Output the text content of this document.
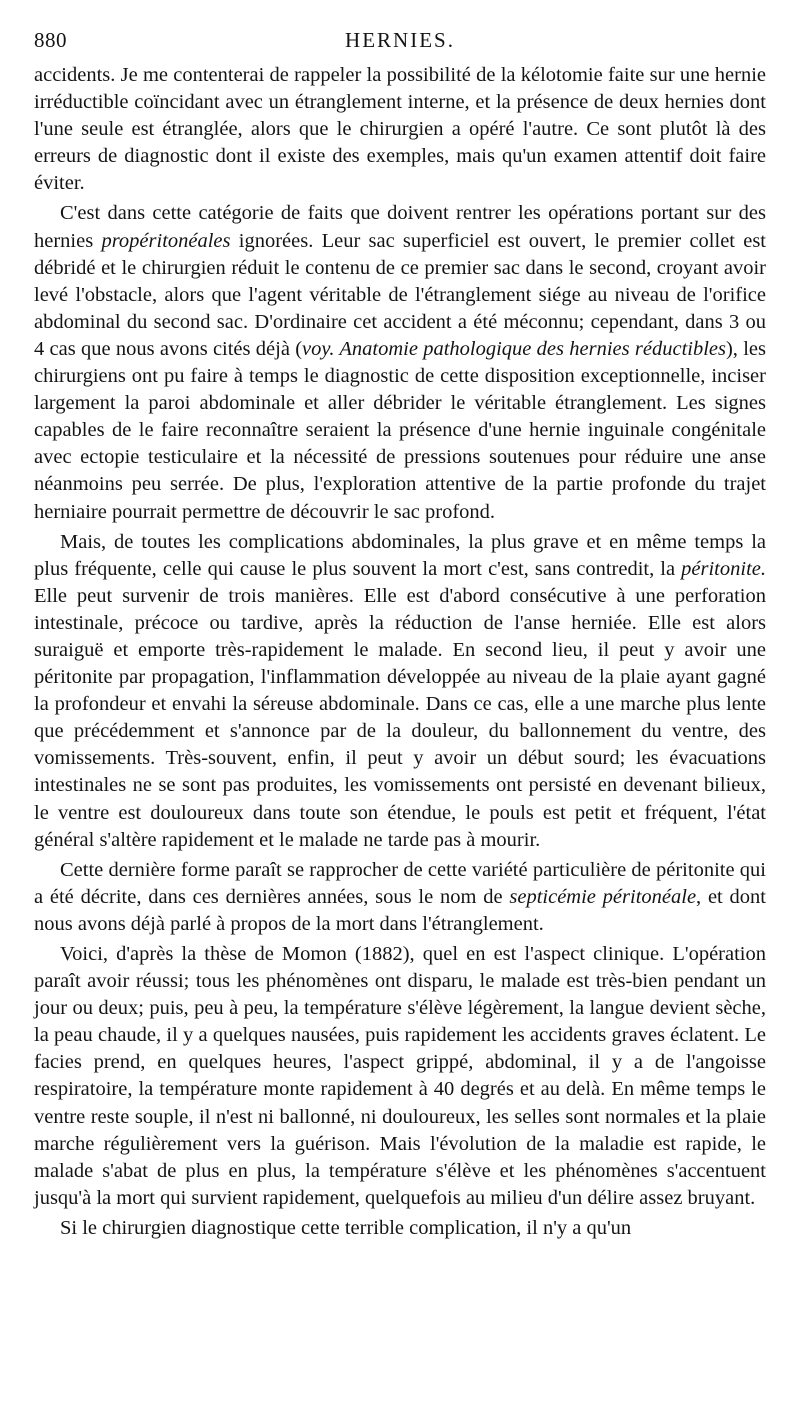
880	HERNIES.

accidents. Je me contenterai de rappeler la possibilité de la kélotomie faite sur une hernie irréductible coïncidant avec un étranglement interne, et la présence de deux hernies dont l'une seule est étranglée, alors que le chirurgien a opéré l'autre. Ce sont plutôt là des erreurs de diagnostic dont il existe des exemples, mais qu'un examen attentif doit faire éviter.

C'est dans cette catégorie de faits que doivent rentrer les opérations portant sur des hernies propéritonéales ignorées. Leur sac superficiel est ouvert, le premier collet est débridé et le chirurgien réduit le contenu de ce premier sac dans le second, croyant avoir levé l'obstacle, alors que l'agent véritable de l'étranglement siége au niveau de l'orifice abdominal du second sac. D'ordinaire cet accident a été méconnu; cependant, dans 3 ou 4 cas que nous avons cités déjà (voy. Anatomie pathologique des hernies réductibles), les chirurgiens ont pu faire à temps le diagnostic de cette disposition exceptionnelle, inciser largement la paroi abdominale et aller débrider le véritable étranglement. Les signes capables de le faire reconnaître seraient la présence d'une hernie inguinale congénitale avec ectopie testiculaire et la nécessité de pressions soutenues pour réduire une anse néanmoins peu serrée. De plus, l'exploration attentive de la partie profonde du trajet herniaire pourrait permettre de découvrir le sac profond.

Mais, de toutes les complications abdominales, la plus grave et en même temps la plus fréquente, celle qui cause le plus souvent la mort c'est, sans contredit, la péritonite. Elle peut survenir de trois manières. Elle est d'abord consécutive à une perforation intestinale, précoce ou tardive, après la réduction de l'anse herniée. Elle est alors suraiguë et emporte très-rapidement le malade. En second lieu, il peut y avoir une péritonite par propagation, l'inflammation développée au niveau de la plaie ayant gagné la profondeur et envahi la séreuse abdominale. Dans ce cas, elle a une marche plus lente que précédemment et s'annonce par de la douleur, du ballonnement du ventre, des vomissements. Très-souvent, enfin, il peut y avoir un début sourd; les évacuations intestinales ne se sont pas produites, les vomissements ont persisté en devenant bilieux, le ventre est douloureux dans toute son étendue, le pouls est petit et fréquent, l'état général s'altère rapidement et le malade ne tarde pas à mourir.

Cette dernière forme paraît se rapprocher de cette variété particulière de péritonite qui a été décrite, dans ces dernières années, sous le nom de septicémie péritonéale, et dont nous avons déjà parlé à propos de la mort dans l'étranglement.

Voici, d'après la thèse de Momon (1882), quel en est l'aspect clinique. L'opération paraît avoir réussi; tous les phénomènes ont disparu, le malade est très-bien pendant un jour ou deux; puis, peu à peu, la température s'élève légèrement, la langue devient sèche, la peau chaude, il y a quelques nausées, puis rapidement les accidents graves éclatent. Le facies prend, en quelques heures, l'aspect grippé, abdominal, il y a de l'angoisse respiratoire, la température monte rapidement à 40 degrés et au delà. En même temps le ventre reste souple, il n'est ni ballonné, ni douloureux, les selles sont normales et la plaie marche régulièrement vers la guérison. Mais l'évolution de la maladie est rapide, le malade s'abat de plus en plus, la température s'élève et les phénomènes s'accentuent jusqu'à la mort qui survient rapidement, quelquefois au milieu d'un délire assez bruyant.

Si le chirurgien diagnostique cette terrible complication, il n'y a qu'un
